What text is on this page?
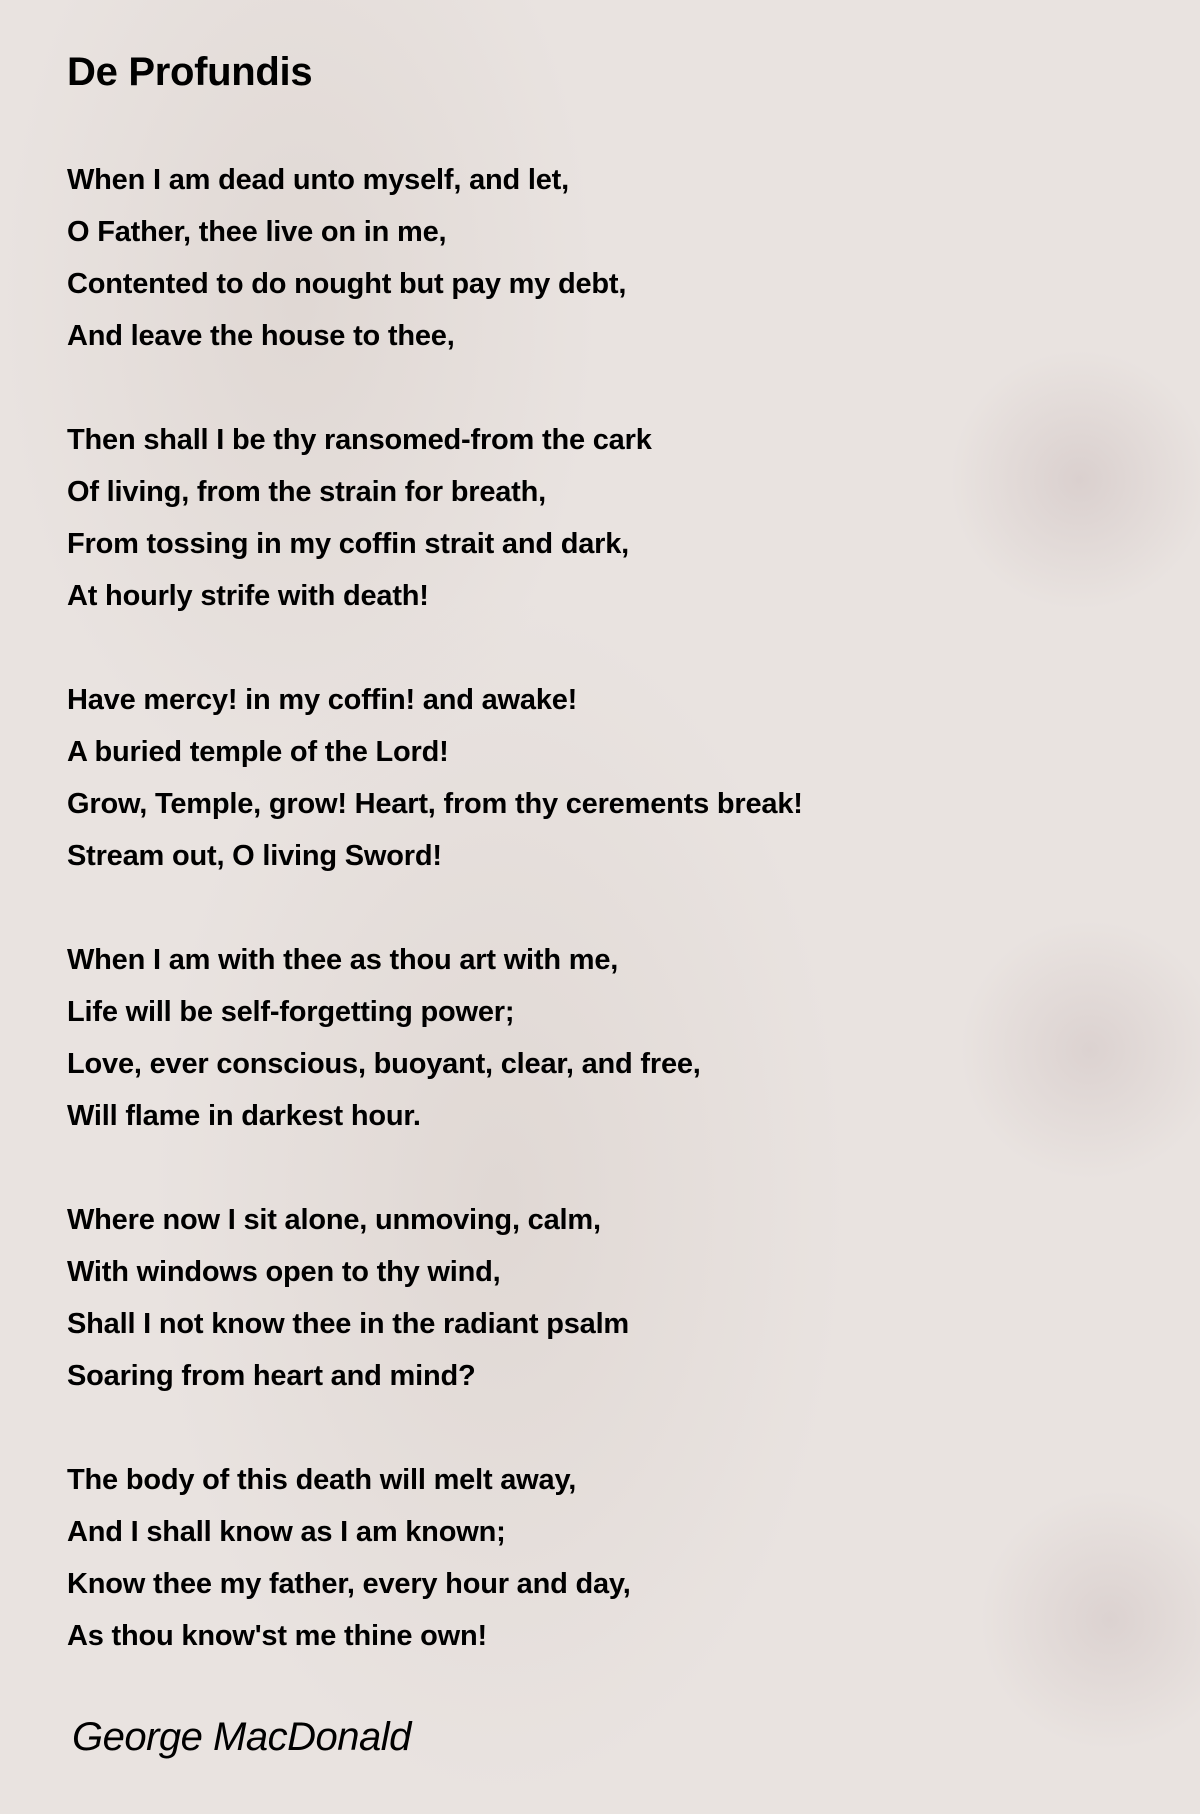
De Profundis
When I am dead unto myself, and let,
O Father, thee live on in me,
Contented to do nought but pay my debt,
And leave the house to thee,
Then shall I be thy ransomed-from the cark
Of living, from the strain for breath,
From tossing in my coffin strait and dark,
At hourly strife with death!
Have mercy! in my coffin! and awake!
A buried temple of the Lord!
Grow, Temple, grow! Heart, from thy cerements break!
Stream out, O living Sword!
When I am with thee as thou art with me,
Life will be self-forgetting power;
Love, ever conscious, buoyant, clear, and free,
Will flame in darkest hour.
Where now I sit alone, unmoving, calm,
With windows open to thy wind,
Shall I not know thee in the radiant psalm
Soaring from heart and mind?
The body of this death will melt away,
And I shall know as I am known;
Know thee my father, every hour and day,
As thou know'st me thine own!
George MacDonald
